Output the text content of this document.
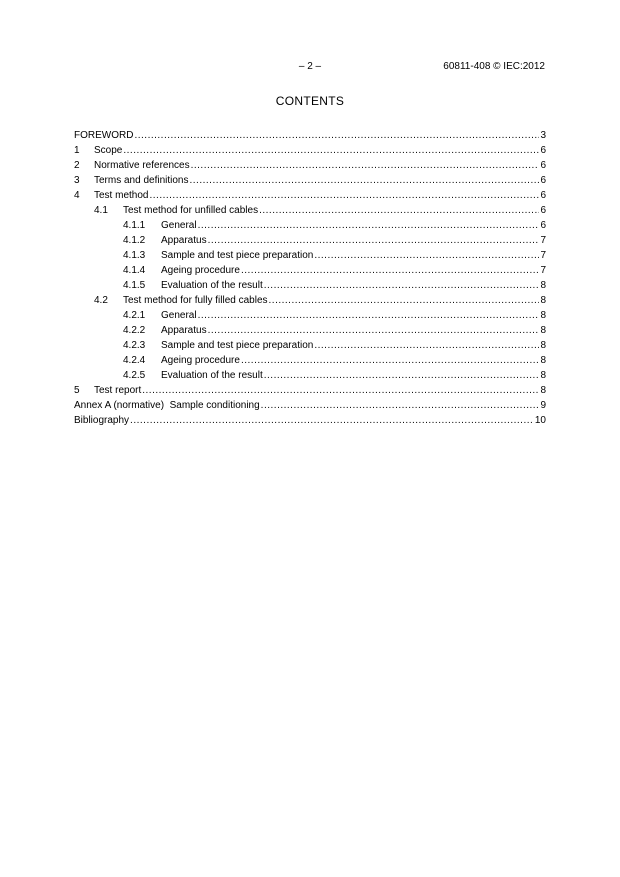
– 2 –	60811-408 © IEC:2012
CONTENTS
FOREWORD .....	3
1	Scope .....	6
2	Normative references .....	6
3	Terms and definitions .....	6
4	Test method .....	6
4.1	Test method for unfilled cables .....	6
4.1.1	General .....	6
4.1.2	Apparatus .....	7
4.1.3	Sample and test piece preparation .....	7
4.1.4	Ageing procedure .....	7
4.1.5	Evaluation of the result .....	8
4.2	Test method for fully filled cables .....	8
4.2.1	General .....	8
4.2.2	Apparatus .....	8
4.2.3	Sample and test piece preparation .....	8
4.2.4	Ageing procedure .....	8
4.2.5	Evaluation of the result .....	8
5	Test report .....	8
Annex A (normative)  Sample conditioning .....	9
Bibliography .....	10
